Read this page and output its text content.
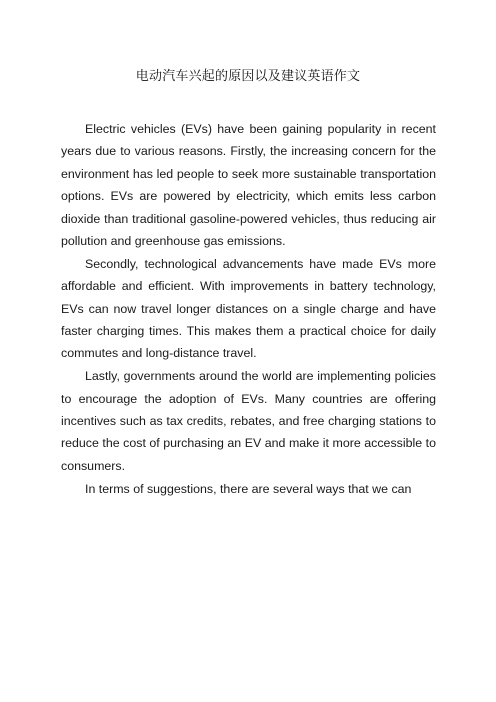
电动汽车兴起的原因以及建议英语作文

Electric vehicles (EVs) have been gaining popularity in recent years due to various reasons. Firstly, the increasing concern for the environment has led people to seek more sustainable transportation options. EVs are powered by electricity, which emits less carbon dioxide than traditional gasoline-powered vehicles, thus reducing air pollution and greenhouse gas emissions.

Secondly, technological advancements have made EVs more affordable and efficient. With improvements in battery technology, EVs can now travel longer distances on a single charge and have faster charging times. This makes them a practical choice for daily commutes and long-distance travel.

Lastly, governments around the world are implementing policies to encourage the adoption of EVs. Many countries are offering incentives such as tax credits, rebates, and free charging stations to reduce the cost of purchasing an EV and make it more accessible to consumers.

In terms of suggestions, there are several ways that we can
